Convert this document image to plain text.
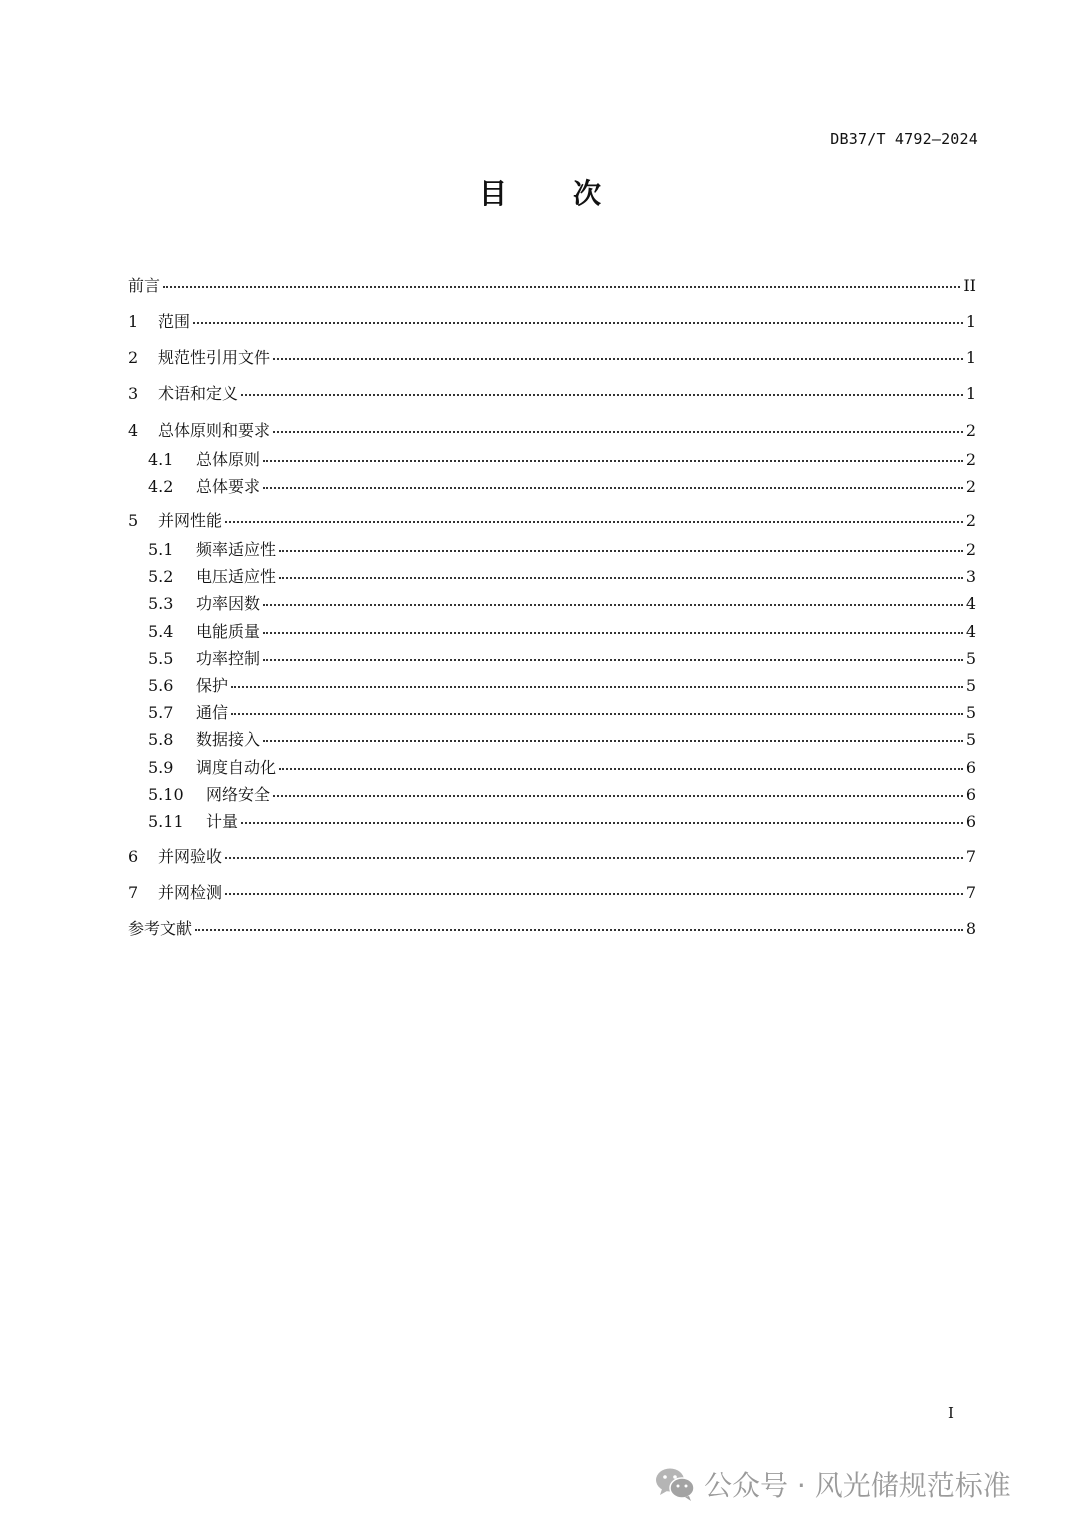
DB37/T 4792—2024
目 次
前言	II
1	范围	1
2	规范性引用文件	1
3	术语和定义	1
4	总体原则和要求	2
4.1	总体原则	2
4.2	总体要求	2
5	并网性能	2
5.1	频率适应性	2
5.2	电压适应性	3
5.3	功率因数	4
5.4	电能质量	4
5.5	功率控制	5
5.6	保护	5
5.7	通信	5
5.8	数据接入	5
5.9	调度自动化	6
5.10	网络安全	6
5.11	计量	6
6	并网验收	7
7	并网检测	7
参考文献	8
I
公众号 · 风光储规范标准
